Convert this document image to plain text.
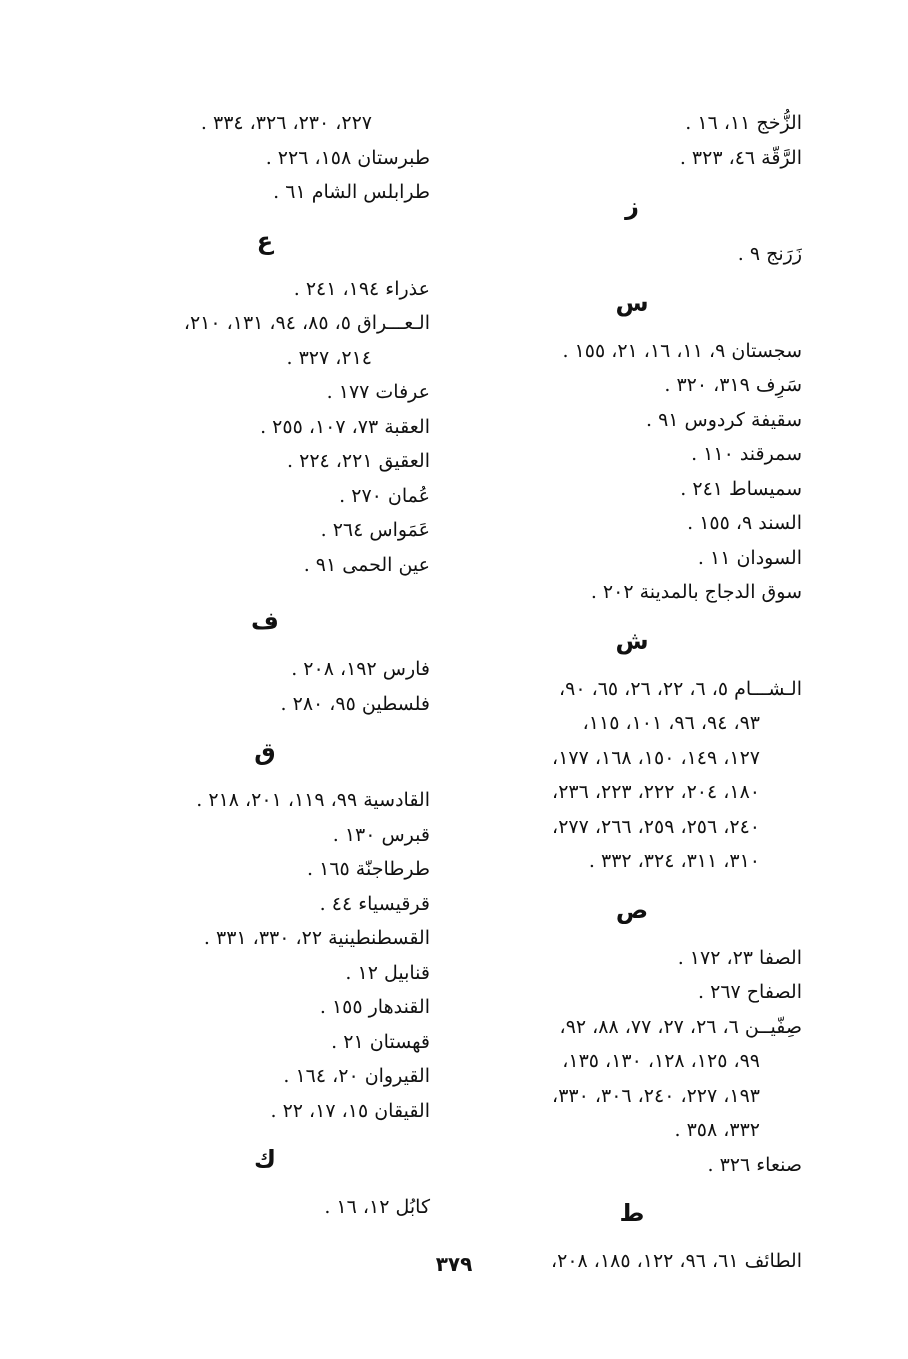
الزُّخج ١١، ١٦ .
الرَّقّة ٤٦، ٣٢٣ .
ز
زَرَنج ٩ .
س
سجستان ٩، ١١، ١٦، ٢١، ١٥٥ .
سَرِف ٣١٩، ٣٢٠ .
سقيفة كردوس ٩١ .
سمرقند ١١٠ .
سميساط ٢٤١ .
السند ٩، ١٥٥ .
السودان ١١ .
سوق الدجاج بالمدينة ٢٠٢ .
ش
الـشـــام ٥، ٦، ٢٢، ٢٦، ٦٥، ٩٠،
٩٣، ٩٤، ٩٦، ١٠١، ١١٥،
١٢٧، ١٤٩، ١٥٠، ١٦٨، ١٧٧،
١٨٠، ٢٠٤، ٢٢٢، ٢٢٣، ٢٣٦،
٢٤٠، ٢٥٦، ٢٥٩، ٢٦٦، ٢٧٧،
٣١٠، ٣١١، ٣٢٤، ٣٣٢ .
ص
الصفا ٢٣، ١٧٢ .
الصفاح ٢٦٧ .
صِفّيــن ٦، ٢٦، ٢٧، ٧٧، ٨٨، ٩٢،
٩٩، ١٢٥، ١٢٨، ١٣٠، ١٣٥،
١٩٣، ٢٢٧، ٢٤٠، ٣٠٦، ٣٣٠،
٣٣٢، ٣٥٨ .
صنعاء ٣٢٦ .
ط
الطائف ٦١، ٩٦، ١٢٢، ١٨٥، ٢٠٨،
٢٢٧، ٢٣٠، ٣٢٦، ٣٣٤ .
طبرستان ١٥٨، ٢٢٦ .
طرابلس الشام ٦١ .
ع
عذراء ١٩٤، ٢٤١ .
الـعـــراق ٥، ٨٥، ٩٤، ١٣١، ٢١٠،
٢١٤، ٣٢٧ .
عرفات ١٧٧ .
العقبة ٧٣، ١٠٧، ٢٥٥ .
العقيق ٢٢١، ٢٢٤ .
عُمان ٢٧٠ .
عَمَواس ٢٦٤ .
عين الحمى ٩١ .
ف
فارس ١٩٢، ٢٠٨ .
فلسطين ٩٥، ٢٨٠ .
ق
القادسية ٩٩، ١١٩، ٢٠١، ٢١٨ .
قبرس ١٣٠ .
طرطاجنّة ١٦٥ .
قرقيسياء ٤٤ .
القسطنطينية ٢٢، ٣٣٠، ٣٣١ .
قنابيل ١٢ .
القندهار ١٥٥ .
قهستان ٢١ .
القيروان ٢٠، ١٦٤ .
القيقان ١٥، ١٧، ٢٢ .
ك
كابُل ١٢، ١٦ .
٣٧٩
